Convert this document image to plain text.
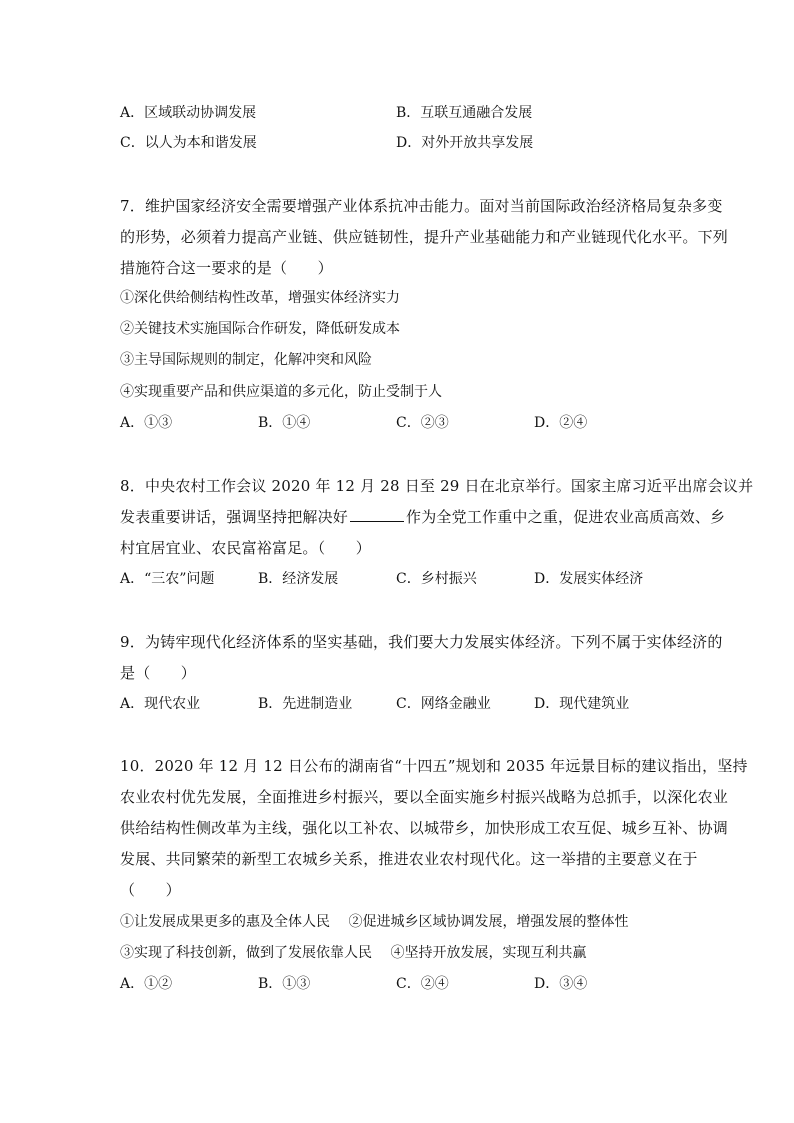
A．区域联动协调发展	B．互联互通融合发展
C．以人为本和谐发展	D．对外开放共享发展
7．维护国家经济安全需要增强产业体系抗冲击能力。面对当前国际政治经济格局复杂多变
的形势，必须着力提高产业链、供应链韧性，提升产业基础能力和产业链现代化水平。下列
措施符合这一要求的是（　　）
①深化供给侧结构性改革，增强实体经济实力
②关键技术实施国际合作研发，降低研发成本
③主导国际规则的制定，化解冲突和风险
④实现重要产品和供应渠道的多元化，防止受制于人
A．①③	B．①④	C．②③	D．②④
8．中央农村工作会议 2020 年 12 月 28 日至 29 日在北京举行。国家主席习近平出席会议并
发表重要讲话，强调坚持把解决好	作为全党工作重中之重，促进农业高质高效、乡
村宜居宜业、农民富裕富足。（　　）
A．“三农”问题	B．经济发展	C．乡村振兴	D．发展实体经济
9．为铸牢现代化经济体系的坚实基础，我们要大力发展实体经济。下列不属于实体经济的
是（　　）
A．现代农业	B．先进制造业	C．网络金融业	D．现代建筑业
10．2020 年 12 月 12 日公布的湖南省“十四五”规划和 2035 年远景目标的建议指出，坚持
农业农村优先发展，全面推进乡村振兴，要以全面实施乡村振兴战略为总抓手，以深化农业
供给结构性侧改革为主线，强化以工补农、以城带乡，加快形成工农互促、城乡互补、协调
发展、共同繁荣的新型工农城乡关系，推进农业农村现代化。这一举措的主要意义在于
（　　）
①让发展成果更多的惠及全体人民　 ②促进城乡区域协调发展，增强发展的整体性
③实现了科技创新，做到了发展依靠人民　 ④坚持开放发展，实现互利共赢
A．①②	B．①③	C．②④	D．③④
